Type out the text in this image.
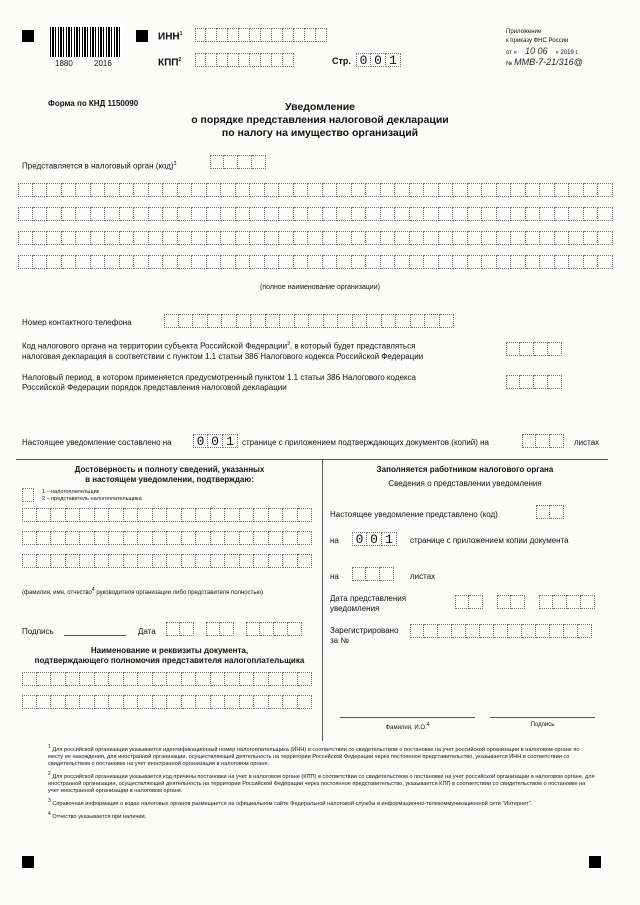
1880	2016
ИНН$^1$
КПП$^2$	Стр. 0 0 1
Приложение
к приказу ФНС России
от « 10 06 » 2019 г.
№ ММВ-7-21/316@
Форма по КНД 1150090	Уведомление
о порядке представления налоговой декларации
по налогу на имущество организаций
Представляется в налоговый орган (код)$^3$
(полное наименование организации)
Номер контактного телефона
Код налогового органа на территории субъекта Российской Федерации$^3$, в который будет представляться
налоговая декларация в соответствии с пунктом 1.1 статьи 386 Налогового кодекса Российской Федерации
Налоговый период, в котором применяется предусмотренный пунктом 1.1 статьи 386 Налогового кодекса
Российской Федерации порядок представления налоговой декларации
Настоящее уведомление составлено на 0 0 1	странице с приложением подтверждающих документов (копий) на	листах
Достоверность и полноту сведений, указанных
в настоящем уведомлении, подтверждаю:
1 – налогоплательщик
2 – представитель налогоплательщика
(фамилия, имя, отчество$^4$ руководителя организации либо представителя полностью)
Подпись	Дата
Наименование и реквизиты документа,
подтверждающего полномочия представителя налогоплательщика
Заполняется работником налогового органа
Сведения о представлении уведомления
Настоящее уведомление представлено (код)
на 0 0 1	странице с приложением копии документа
на	листах
Дата представления
уведомления
Зарегистрировано
за №
Фамилия, И.О.$^4$	Подпись
1 Для российской организации указывается идентификационный номер налогоплательщика (ИНН) в соответствии со свидетельством о постановке на учет российской организации в налоговом органе по месту ее нахождения, для иностранной организации, осуществляющей деятельность на территории Российской Федерации через постоянное представительство, указывается ИНН в соответствии со свидетельством о постановке на учет иностранной организации в налоговом органе.
2 Для российской организации указывается код причины постановки на учет в налоговом органе (КПП) в соответствии со свидетельством о постановке на учет российской организации в налоговом органе, для иностранной организации, осуществляющей деятельность на территории Российской Федерации через постоянное представительство, указывается КПП в соответствии со свидетельством о постановке на учет иностранной организации в налоговом органе.
3 Справочная информация о кодах налоговых органов размещается на официальном сайте Федеральной налоговой службы в информационно-телекоммуникационной сети "Интернет".
4 Отчество указывается при наличии.
